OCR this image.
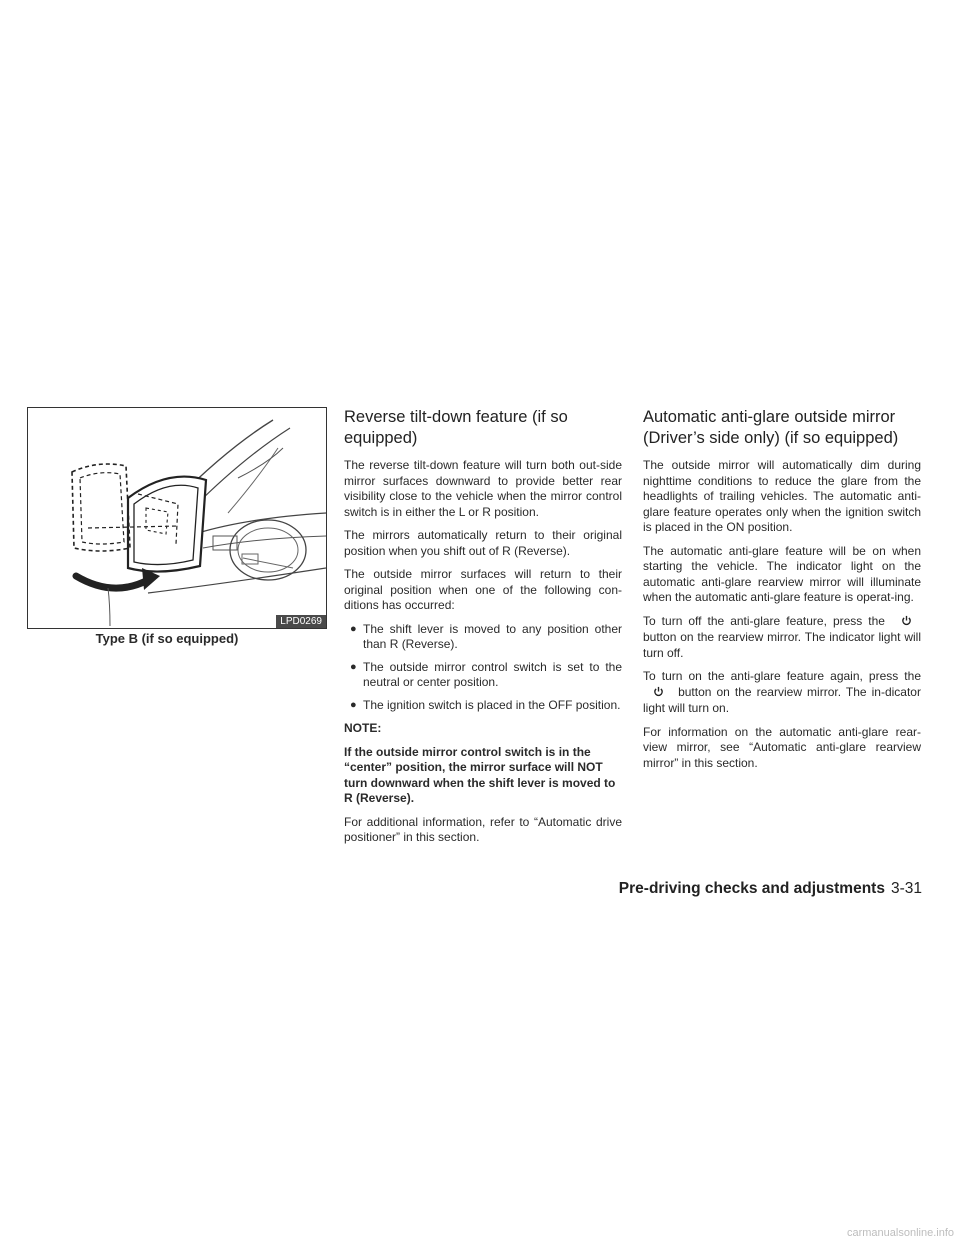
LPD0269
Type B (if so equipped)
Reverse tilt-down feature (if so equipped)

The reverse tilt-down feature will turn both out-side mirror surfaces downward to provide better rear visibility close to the vehicle when the mirror control switch is in either the L or R position.

The mirrors automatically return to their original position when you shift out of R (Reverse).

The outside mirror surfaces will return to their original position when one of the following con-ditions has occurred:

● The shift lever is moved to any position other than R (Reverse).
● The outside mirror control switch is set to the neutral or center position.
● The ignition switch is placed in the OFF position.

NOTE:

If the outside mirror control switch is in the “center” position, the mirror surface will NOT turn downward when the shift lever is moved to R (Reverse).

For additional information, refer to “Automatic drive positioner” in this section.

Automatic anti-glare outside mirror (Driver’s side only) (if so equipped)

The outside mirror will automatically dim during nighttime conditions to reduce the glare from the headlights of trailing vehicles. The automatic anti-glare feature operates only when the ignition switch is placed in the ON position.

The automatic anti-glare feature will be on when starting the vehicle. The indicator light on the automatic anti-glare rearview mirror will illuminate when the automatic anti-glare feature is operat-ing.

To turn off the anti-glare feature, press the  button on the rearview mirror. The indicator light will turn off.

To turn on the anti-glare feature again, press the  button on the rearview mirror. The in-dicator light will turn on.

For information on the automatic anti-glare rear-view mirror, see “Automatic anti-glare rearview mirror” in this section.

Pre-driving checks and adjustments 3-31
carmanualsonline.info
